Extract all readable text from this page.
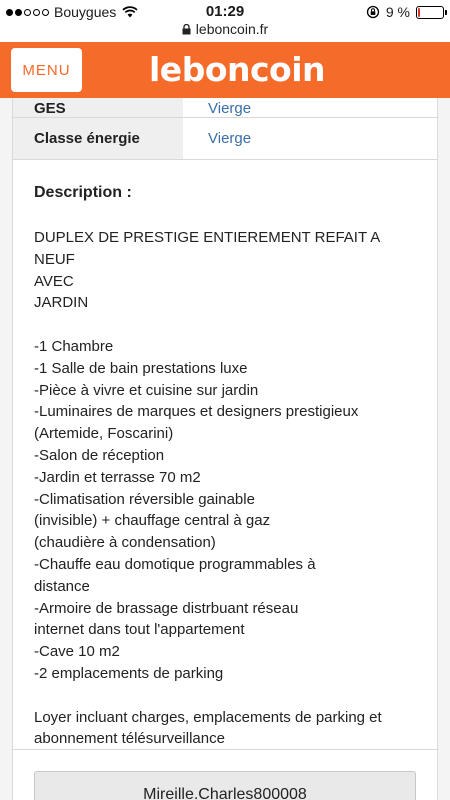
Bouygues	01:29	9 %
leboncoin.fr
MENU	leboncoin
GES	Vierge
Classe énergie	Vierge
Description :
DUPLEX DE PRESTIGE ENTIEREMENT REFAIT A NEUF
AVEC
JARDIN

-1 Chambre
-1 Salle de bain prestations luxe
-Pièce à vivre et cuisine sur jardin
-Luminaires de marques et designers prestigieux
(Artemide, Foscarini)
-Salon de réception
-Jardin et terrasse 70 m2
-Climatisation réversible gainable
(invisible) + chauffage central à gaz
(chaudière à condensation)
-Chauffe eau domotique programmables à
distance
-Armoire de brassage distrbuant réseau
internet dans tout l'appartement
-Cave 10 m2
-2 emplacements de parking

Loyer incluant charges, emplacements de parking et
abonnement télésurveillance
Mireille.Charles800008
